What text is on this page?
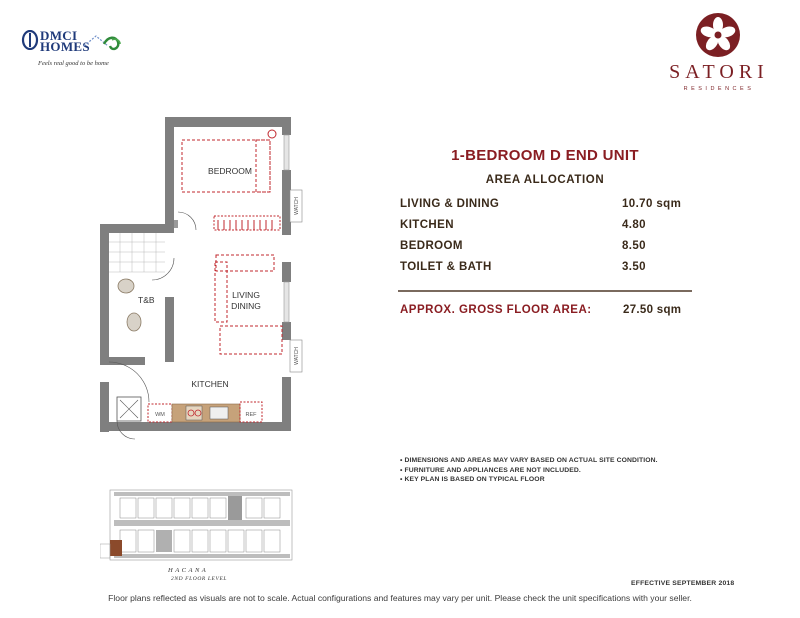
DMCI
HOMES
Feels real good to be home	SATORI
RESIDENCES
WATCH
WATCH
BEDROOM
T&B	LIVING
DINING
KITCHEN
WM	REF
HACANA
2ND FLOOR LEVEL
1-BEDROOM D END UNIT
AREA ALLOCATION
LIVING & DINING	10.70 sqm
KITCHEN	4.80
BEDROOM	8.50
TOILET & BATH	3.50
APPROX. GROSS FLOOR AREA:	27.50 sqm
• DIMENSIONS AND AREAS MAY VARY BASED ON ACTUAL SITE CONDITION.
• FURNITURE AND APPLIANCES ARE NOT INCLUDED.
• KEY PLAN IS BASED ON TYPICAL FLOOR
EFFECTIVE SEPTEMBER 2018
Floor plans reflected as visuals are not to scale. Actual configurations and features may vary per unit. Please check the unit specifications with your seller.
